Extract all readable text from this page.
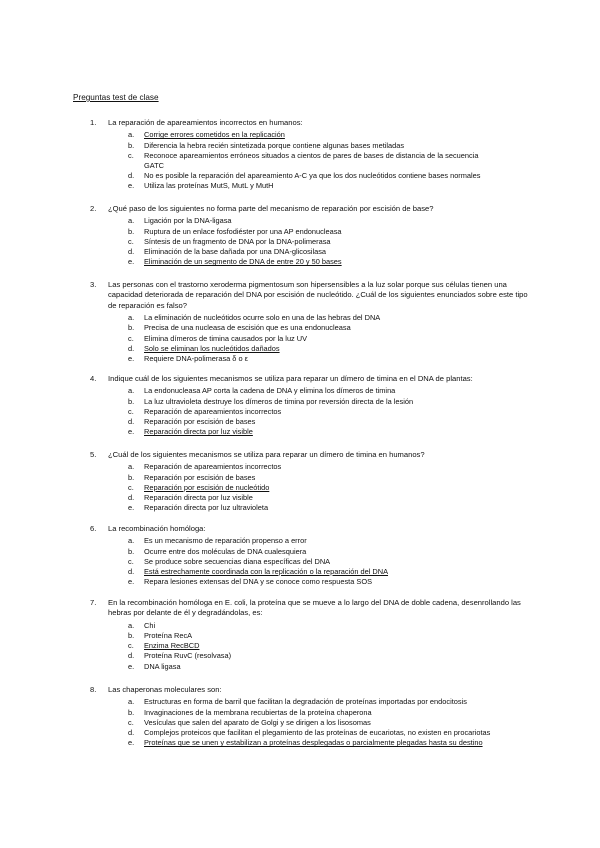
Preguntas test de clase
1.	La reparación de apareamientos incorrectos en humanos:
a.	Corrige errores cometidos en la replicación
b.	Diferencia la hebra recién sintetizada porque contiene algunas bases metiladas
c.	Reconoce apareamientos erróneos situados a cientos de pares de bases de distancia de la secuencia
GATC
d.	No es posible la reparación del apareamiento A-C ya que los dos nucleótidos contiene bases normales
e.	Utiliza las proteínas MutS, MutL y MutH
2.	¿Qué paso de los siguientes no forma parte del mecanismo de reparación por escisión de base?
a.	Ligación por la DNA-ligasa
b.	Ruptura de un enlace fosfodiéster por una AP endonucleasa
c.	Síntesis de un fragmento de DNA por la DNA-polimerasa
d.	Eliminación de la base dañada por una DNA-glicosilasa
e.	Eliminación de un segmento de DNA de entre 20 y 50 bases
3.	Las personas con el trastorno xeroderma pigmentosum son hipersensibles a la luz solar porque sus células tienen una capacidad deteriorada de reparación del DNA por escisión de nucleótido. ¿Cuál de los siguientes enunciados sobre este tipo de reparación es falso?
a.	La eliminación de nucleótidos ocurre solo en una de las hebras del DNA
b.	Precisa de una nucleasa de escisión que es una endonucleasa
c.	Elimina dímeros de timina causados por la luz UV
d.	Solo se eliminan los nucleótidos dañados
e.	Requiere DNA-polimerasa δ o ε
4.	Indique cuál de los siguientes mecanismos se utiliza para reparar un dímero de timina en el DNA de plantas:
a.	La endonucleasa AP corta la cadena de DNA y elimina los dímeros de timina
b.	La luz ultravioleta destruye los dímeros de timina por reversión directa de la lesión
c.	Reparación de apareamientos incorrectos
d.	Reparación por escisión de bases
e.	Reparación directa por luz visible
5.	¿Cuál de los siguientes mecanismos se utiliza para reparar un dímero de timina en humanos?
a.	Reparación de apareamientos incorrectos
b.	Reparación por escisión de bases
c.	Reparación por escisión de nucleótido
d.	Reparación directa por luz visible
e.	Reparación directa por luz ultravioleta
6.	La recombinación homóloga:
a.	Es un mecanismo de reparación propenso a error
b.	Ocurre entre dos moléculas de DNA cualesquiera
c.	Se produce sobre secuencias diana específicas del DNA
d.	Está estrechamente coordinada con la replicación o la reparación del DNA
e.	Repara lesiones extensas del DNA y se conoce como respuesta SOS
7.	En la recombinación homóloga en E. coli, la proteína que se mueve a lo largo del DNA de doble cadena, desenrollando las hebras por delante de él y degradándolas, es:
a.	Chi
b.	Proteína RecA
c.	Enzima RecBCD
d.	Proteína RuvC (resolvasa)
e.	DNA ligasa
8.	Las chaperonas moleculares son:
a.	Estructuras en forma de barril que facilitan la degradación de proteínas importadas por endocitosis
b.	Invaginaciones de la membrana recubiertas de la proteína chaperona
c.	Vesículas que salen del aparato de Golgi y se dirigen a los lisosomas
d.	Complejos proteicos que facilitan el plegamiento de las proteínas de eucariotas, no existen en procariotas
e.	Proteínas que se unen y estabilizan a proteínas desplegadas o parcialmente plegadas hasta su destino
